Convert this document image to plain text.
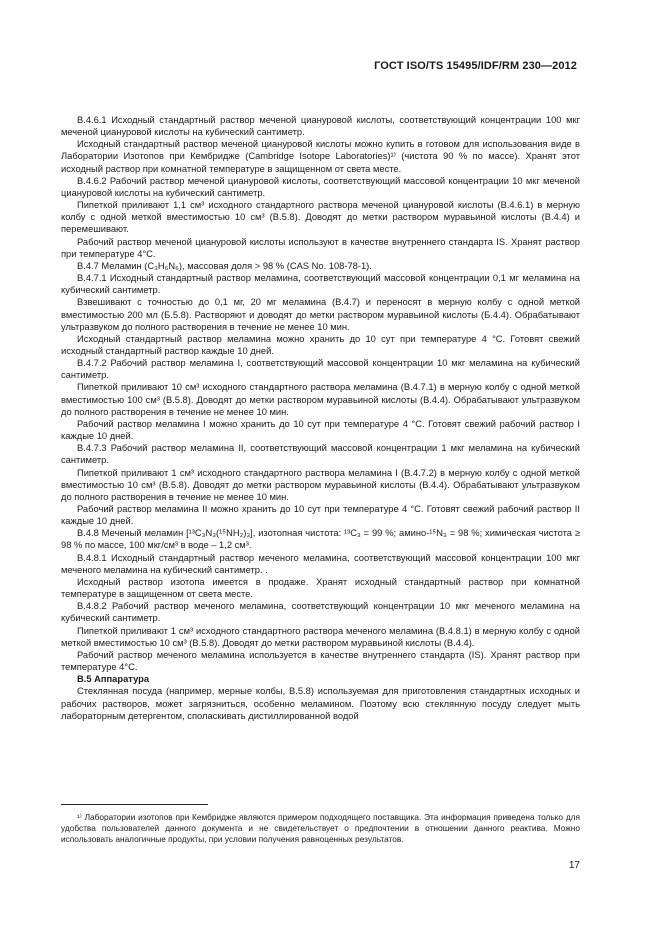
ГОСТ ISO/TS 15495/IDF/RM 230—2012

В.4.6.1 Исходный стандартный раствор меченой циануровой кислоты, соответствующий концентрации 100 мкг меченой циануровой кислоты на кубический сантиметр.

Исходный стандартный раствор меченой циануровой кислоты можно купить в готовом для использования виде в Лаборатории Изотопов при Кембридже (Cambridge Isotope Laboratories)¹⁾ (чистота 90 % по массе). Хранят этот исходный раствор при комнатной температуре в защищенном от света месте.

В.4.6.2 Рабочий раствор меченой циануровой кислоты, соответствующий массовой концентрации 10 мкг меченой циануровой кислоты на кубический сантиметр.

Пипеткой приливают 1,1 см³ исходного стандартного раствора меченой циануровой кислоты (В.4.6.1) в мерную колбу с одной меткой вместимостью 10 см³ (В.5.8). Доводят до метки раствором муравьиной кислоты (В.4.4) и перемешивают.

Рабочий раствор меченой циануровой кислоты используют в качестве внутреннего стандарта IS. Хранят раствор при температуре 4°С.

В.4.7 Меламин (С₃Н₆N₆), массовая доля > 98 % (CAS No. 108-78-1).

В.4.7.1 Исходный стандартный раствор меламина, соответствующий массовой концентрации 0,1 мг меламина на кубический сантиметр.

Взвешивают с точностью до 0,1 мг, 20 мг меламина (В.4.7) и переносят в мерную колбу с одной меткой вместимостью 200 мл (Б.5.8). Растворяют и доводят до метки раствором муравьиной кислоты (Б.4.4). Обрабатывают ультразвуком до полного растворения в течение не менее 10 мин.

Исходный стандартный раствор меламина можно хранить до 10 сут при температуре 4 °С. Готовят свежий исходный стандартный раствор каждые 10 дней.

В.4.7.2 Рабочий раствор меламина I, соответствующий массовой концентрации 10 мкг меламина на кубический сантиметр.

Пипеткой приливают 10 см³ исходного стандартного раствора меламина (В.4.7.1) в мерную колбу с одной меткой вместимостью 100 см³ (В.5.8). Доводят до метки раствором муравьиной кислоты (В.4.4). Обрабатывают ультразвуком до полного растворения в течение не менее 10 мин.

Рабочий раствор меламина I можно хранить до 10 сут при температуре 4 °С. Готовят свежий рабочий раствор I каждые 10 дней.

В.4.7.3 Рабочий раствор меламина II, соответствующий массовой концентрации 1 мкг меламина на кубический сантиметр.

Пипеткой приливают 1 см³ исходного стандартного раствора меламина I (В.4.7.2) в мерную колбу с одной меткой вместимостью 10 см³ (В.5.8). Доводят до метки раствором муравьиной кислоты (В.4.4). Обрабатывают ультразвуком до полного растворения в течение не менее 10 мин.

Рабочий раствор меламина II можно хранить до 10 сут при температуре 4 °С. Готовят свежий рабочий раствор II каждые 10 дней.

В.4.8 Меченый меламин [¹³С₃N₃(¹⁵NH₂)₃], изотопная чистота: ¹³С₃ = 99 %; амино-¹⁵N₃ = 98 %; химическая чистота ≥ 98 % по массе, 100 мкг/см³ в воде – 1,2 см³.

В.4.8.1 Исходный стандартный раствор меченого меламина, соответствующий массовой концентрации 100 мкг меченого меламина на кубический сантиметр. .

Исходный раствор изотопа имеется в продаже. Хранят исходный стандартный раствор при комнатной температуре в защищенном от света месте.

В.4.8.2 Рабочий раствор меченого меламина, соответствующий концентрации 10 мкг меченого меламина на кубический сантиметр.

Пипеткой приливают 1 см³ исходного стандартного раствора меченого меламина (В.4.8.1) в мерную колбу с одной меткой вместимостью 10 см³ (В.5.8). Доводят до метки раствором муравьиной кислоты (В.4.4).

Рабочий раствор меченого меламина используется в качестве внутреннего стандарта (IS). Хранят раствор при температуре 4°С.

В.5 Аппаратура

Стеклянная посуда (например, мерные колбы, В.5.8) используемая для приготовления стандартных исходных и рабочих растворов, может загрязниться, особенно меламином. Поэтому всю стеклянную посуду следует мыть лабораторным детергентом, споласкивать дистиллированной водой

¹⁾ Лаборатории изотопов при Кембридже являются примером подходящего поставщика. Эта информация приведена только для удобства пользователей данного документа и не свидетельствует о предпочтении в отношении данного реактива. Можно использовать аналогичные продукты, при условии получения равноценных результатов.
17
